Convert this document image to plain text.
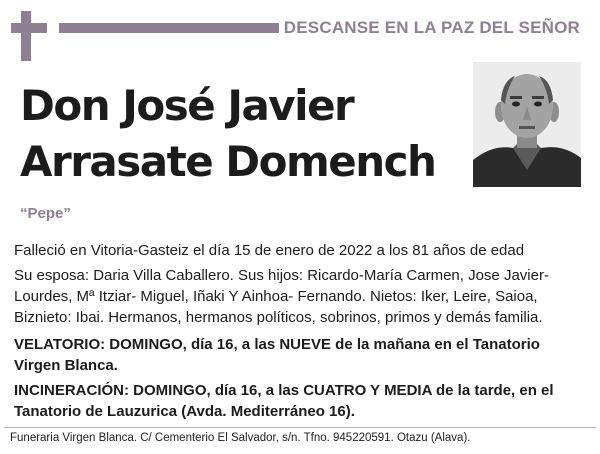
DESCANSE EN LA PAZ DEL SEÑOR
Don José Javier
Arrasate Domench
“Pepe”

Falleció en Vitoria-Gasteiz el día 15 de enero de 2022 a los 81 años de edad

Su esposa: Daria Villa Caballero. Sus hijos: Ricardo-María Carmen, Jose Javier-Lourdes, Mª Itziar- Miguel, Iñaki Y Ainhoa- Fernando. Nietos: Iker, Leire, Saioa, Biznieto: Ibai. Hermanos, hermanos políticos, sobrinos, primos y demás familia.

VELATORIO: DOMINGO, día 16, a las NUEVE de la mañana en el Tanatorio Virgen Blanca.

INCINERACIÓN: DOMINGO, día 16, a las CUATRO Y MEDIA de la tarde, en el Tanatorio de Lauzurica (Avda. Mediterráneo 16).

Funeraria Virgen Blanca. C/ Cementerio El Salvador, s/n. Tfno. 945220591. Otazu (Alava).
